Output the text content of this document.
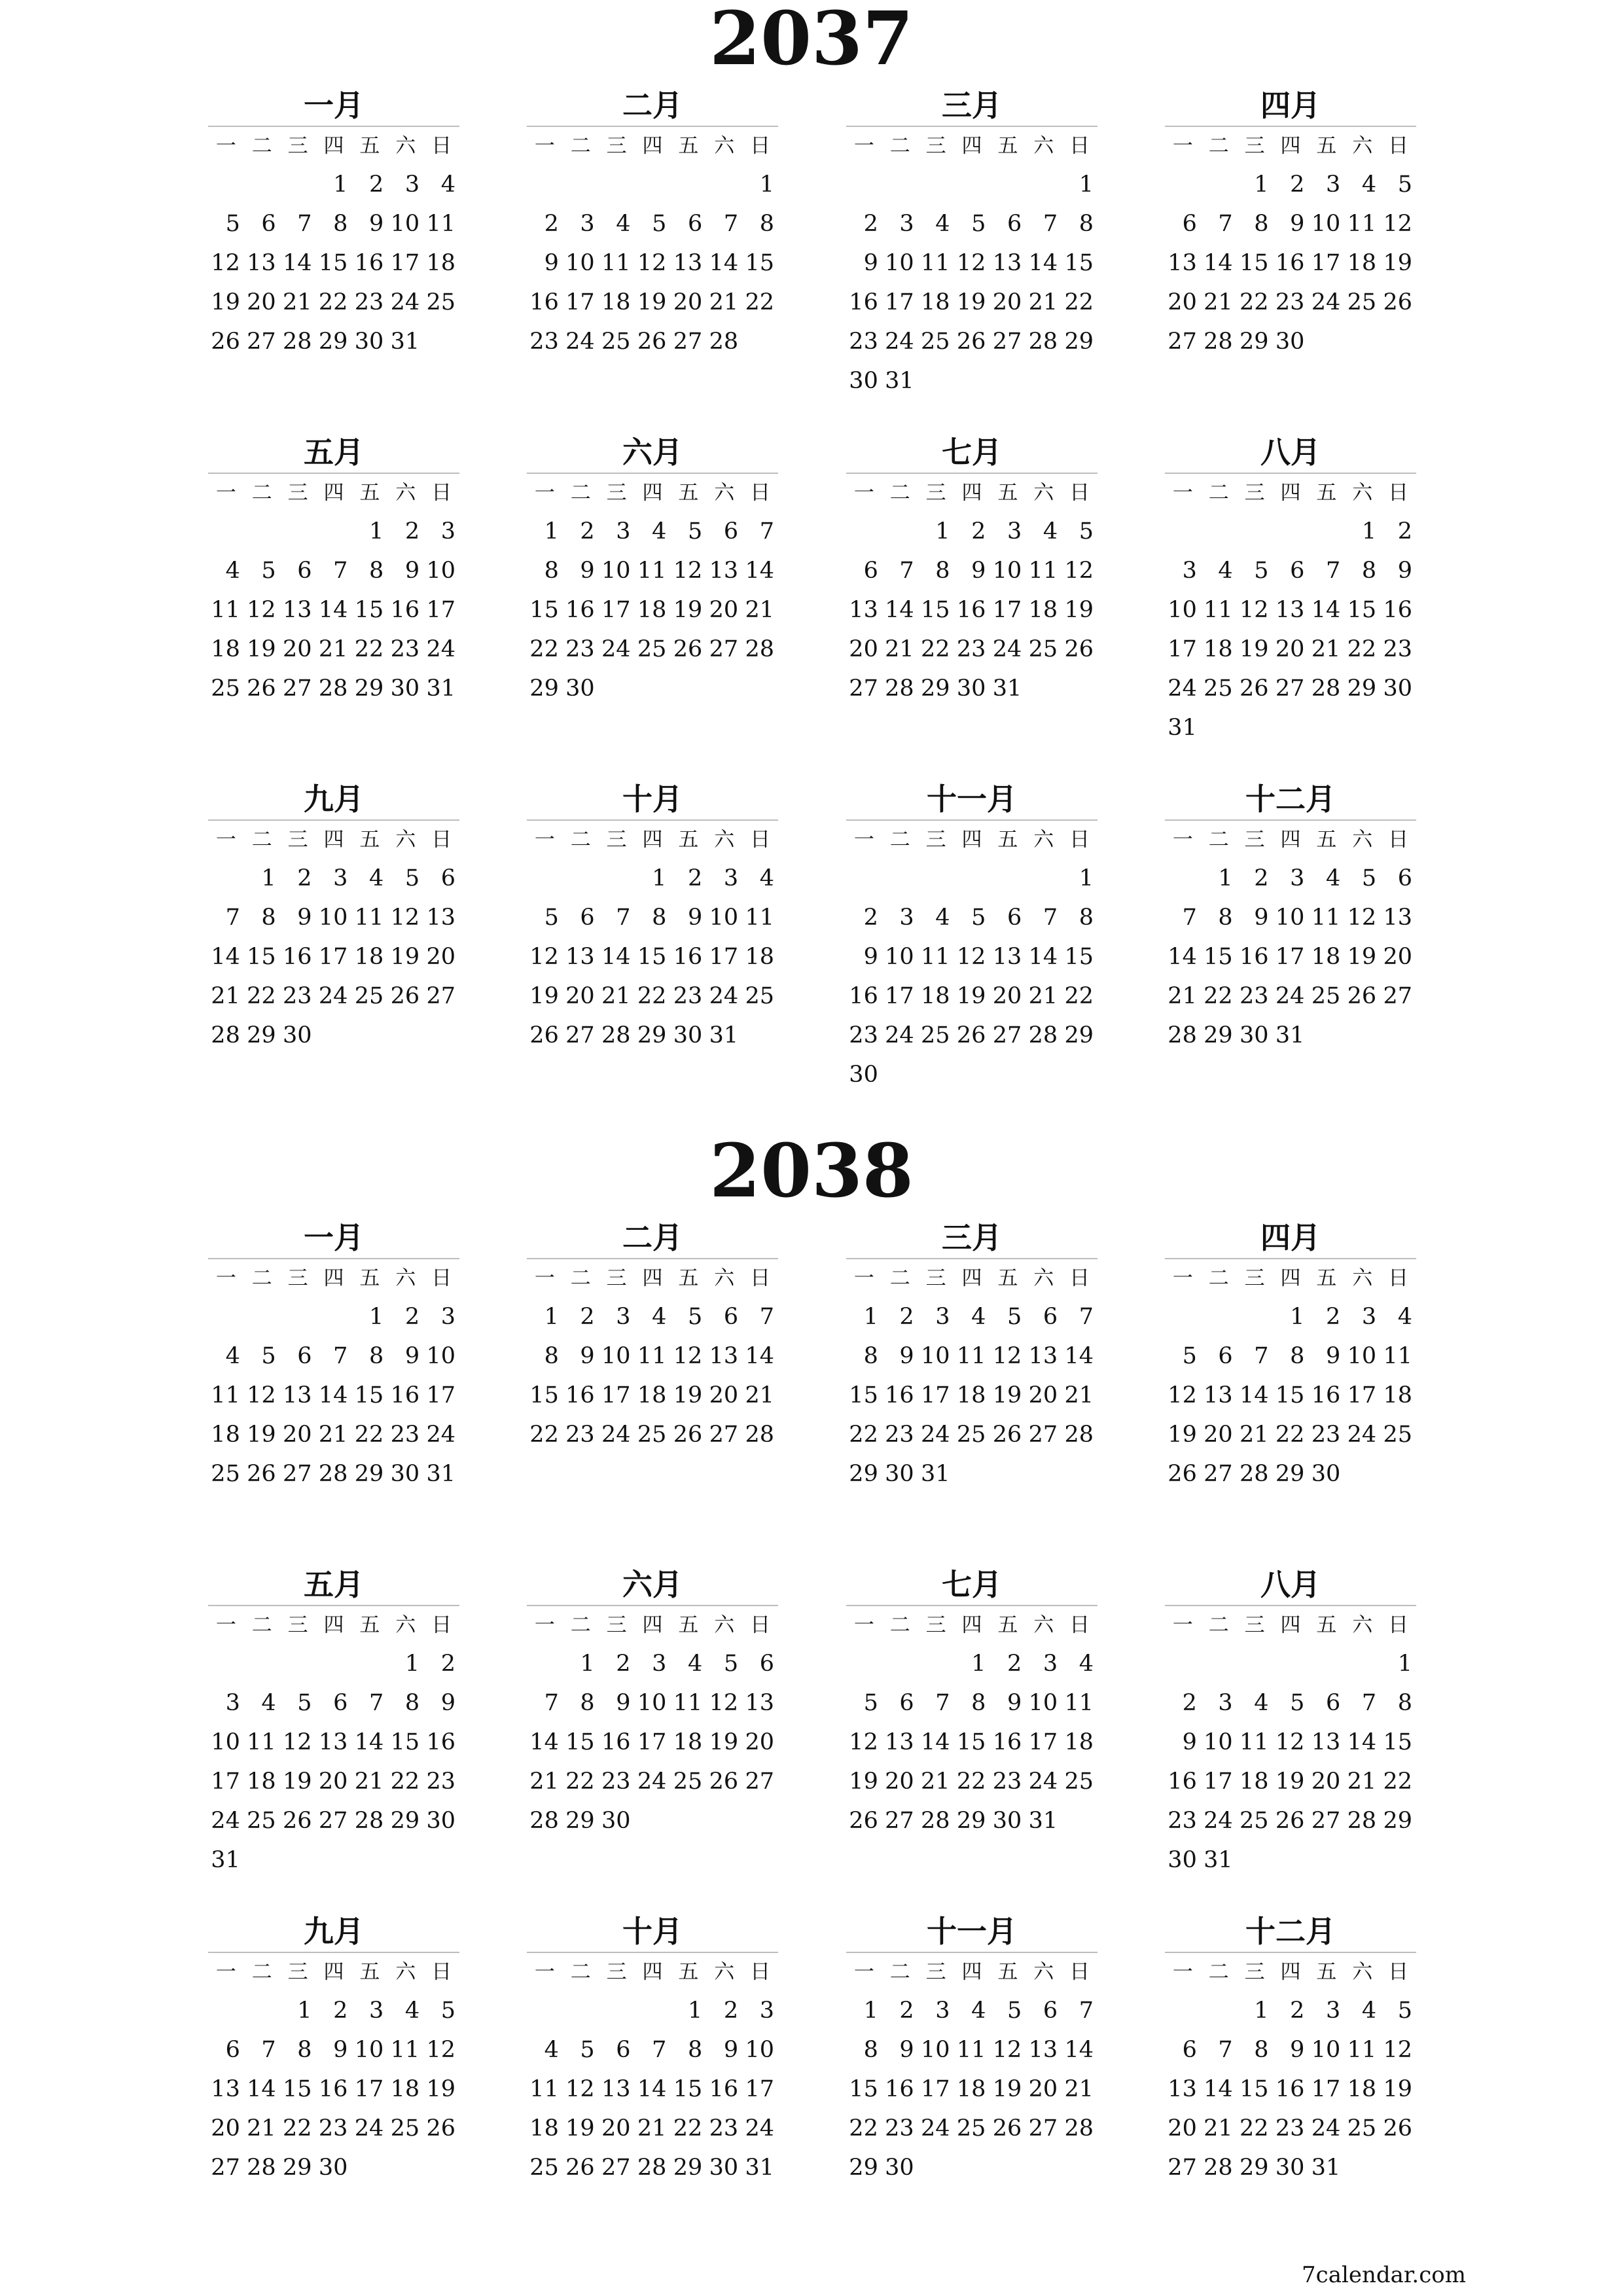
2037
一月
一 二 三 四 五 六 日
1 2 3 4
5 6 7 8 9 10 11
12 13 14 15 16 17 18
19 20 21 22 23 24 25
26 27 28 29 30 31
二月
一 二 三 四 五 六 日
1
2 3 4 5 6 7 8
9 10 11 12 13 14 15
16 17 18 19 20 21 22
23 24 25 26 27 28
三月
一 二 三 四 五 六 日
1
2 3 4 5 6 7 8
9 10 11 12 13 14 15
16 17 18 19 20 21 22
23 24 25 26 27 28 29
30 31
四月
一 二 三 四 五 六 日
1 2 3 4 5
6 7 8 9 10 11 12
13 14 15 16 17 18 19
20 21 22 23 24 25 26
27 28 29 30
五月
一 二 三 四 五 六 日
1 2 3
4 5 6 7 8 9 10
11 12 13 14 15 16 17
18 19 20 21 22 23 24
25 26 27 28 29 30 31
六月
一 二 三 四 五 六 日
1 2 3 4 5 6 7
8 9 10 11 12 13 14
15 16 17 18 19 20 21
22 23 24 25 26 27 28
29 30
七月
一 二 三 四 五 六 日
1 2 3 4 5
6 7 8 9 10 11 12
13 14 15 16 17 18 19
20 21 22 23 24 25 26
27 28 29 30 31
八月
一 二 三 四 五 六 日
1 2
3 4 5 6 7 8 9
10 11 12 13 14 15 16
17 18 19 20 21 22 23
24 25 26 27 28 29 30
31
九月
一 二 三 四 五 六 日
1 2 3 4 5 6
7 8 9 10 11 12 13
14 15 16 17 18 19 20
21 22 23 24 25 26 27
28 29 30
十月
一 二 三 四 五 六 日
1 2 3 4
5 6 7 8 9 10 11
12 13 14 15 16 17 18
19 20 21 22 23 24 25
26 27 28 29 30 31
十一月
一 二 三 四 五 六 日
1
2 3 4 5 6 7 8
9 10 11 12 13 14 15
16 17 18 19 20 21 22
23 24 25 26 27 28 29
30
十二月
一 二 三 四 五 六 日
1 2 3 4 5 6
7 8 9 10 11 12 13
14 15 16 17 18 19 20
21 22 23 24 25 26 27
28 29 30 31
2038
一月
一 二 三 四 五 六 日
1 2 3
4 5 6 7 8 9 10
11 12 13 14 15 16 17
18 19 20 21 22 23 24
25 26 27 28 29 30 31
二月
一 二 三 四 五 六 日
1 2 3 4 5 6 7
8 9 10 11 12 13 14
15 16 17 18 19 20 21
22 23 24 25 26 27 28
三月
一 二 三 四 五 六 日
1 2 3 4 5 6 7
8 9 10 11 12 13 14
15 16 17 18 19 20 21
22 23 24 25 26 27 28
29 30 31
四月
一 二 三 四 五 六 日
1 2 3 4
5 6 7 8 9 10 11
12 13 14 15 16 17 18
19 20 21 22 23 24 25
26 27 28 29 30
五月
一 二 三 四 五 六 日
1 2
3 4 5 6 7 8 9
10 11 12 13 14 15 16
17 18 19 20 21 22 23
24 25 26 27 28 29 30
31
六月
一 二 三 四 五 六 日
1 2 3 4 5 6
7 8 9 10 11 12 13
14 15 16 17 18 19 20
21 22 23 24 25 26 27
28 29 30
七月
一 二 三 四 五 六 日
1 2 3 4
5 6 7 8 9 10 11
12 13 14 15 16 17 18
19 20 21 22 23 24 25
26 27 28 29 30 31
八月
一 二 三 四 五 六 日
1
2 3 4 5 6 7 8
9 10 11 12 13 14 15
16 17 18 19 20 21 22
23 24 25 26 27 28 29
30 31
九月
一 二 三 四 五 六 日
1 2 3 4 5
6 7 8 9 10 11 12
13 14 15 16 17 18 19
20 21 22 23 24 25 26
27 28 29 30
十月
一 二 三 四 五 六 日
1 2 3
4 5 6 7 8 9 10
11 12 13 14 15 16 17
18 19 20 21 22 23 24
25 26 27 28 29 30 31
十一月
一 二 三 四 五 六 日
1 2 3 4 5 6 7
8 9 10 11 12 13 14
15 16 17 18 19 20 21
22 23 24 25 26 27 28
29 30
十二月
一 二 三 四 五 六 日
1 2 3 4 5
6 7 8 9 10 11 12
13 14 15 16 17 18 19
20 21 22 23 24 25 26
27 28 29 30 31
7calendar.com
